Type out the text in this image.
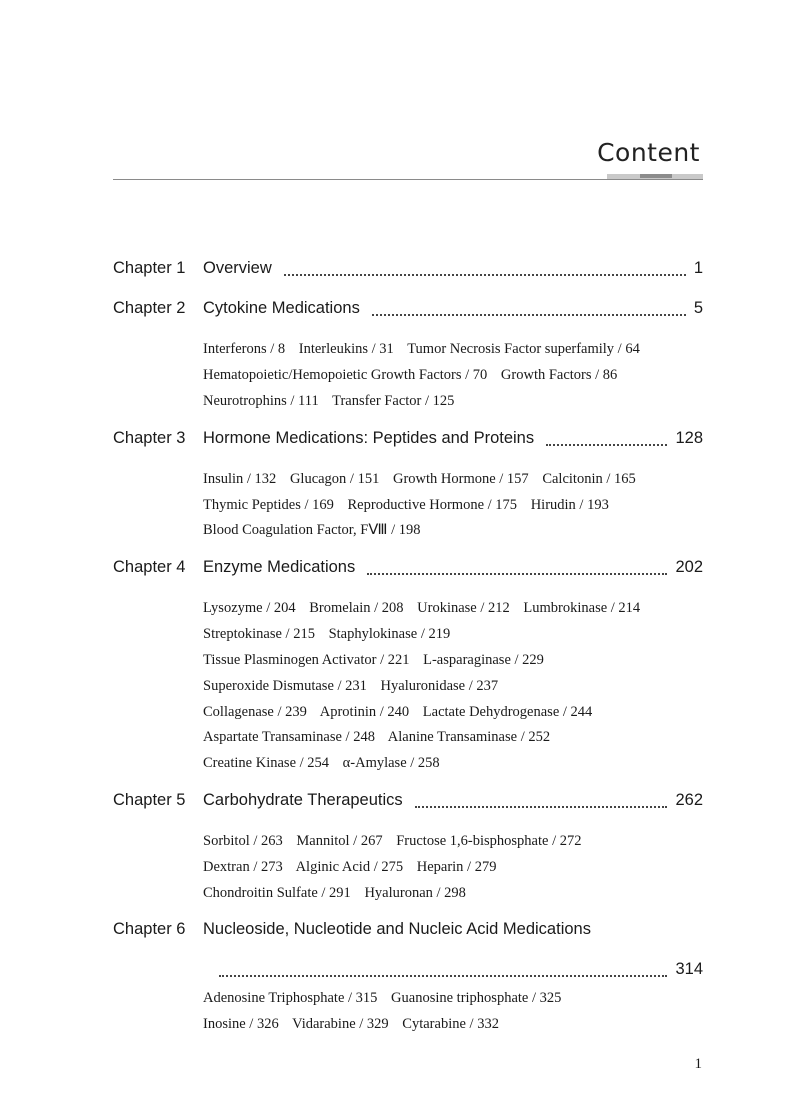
Content
Chapter 1	Overview	1
Chapter 2	Cytokine Medications	5
Interferons / 8 Interleukins / 31 Tumor Necrosis Factor superfamily / 64
Hematopoietic/Hemopoietic Growth Factors / 70 Growth Factors / 86
Neurotrophins / 111 Transfer Factor / 125
Chapter 3	Hormone Medications: Peptides and Proteins	128
Insulin / 132 Glucagon / 151 Growth Hormone / 157 Calcitonin / 165
Thymic Peptides / 169 Reproductive Hormone / 175 Hirudin / 193
Blood Coagulation Factor, FⅧ / 198
Chapter 4	Enzyme Medications	202
Lysozyme / 204 Bromelain / 208 Urokinase / 212 Lumbrokinase / 214
Streptokinase / 215 Staphylokinase / 219
Tissue Plasminogen Activator / 221 L-asparaginase / 229
Superoxide Dismutase / 231 Hyaluronidase / 237
Collagenase / 239 Aprotinin / 240 Lactate Dehydrogenase / 244
Aspartate Transaminase / 248 Alanine Transaminase / 252
Creatine Kinase / 254 α-Amylase / 258
Chapter 5	Carbohydrate Therapeutics	262
Sorbitol / 263 Mannitol / 267 Fructose 1,6-bisphosphate / 272
Dextran / 273 Alginic Acid / 275 Heparin / 279
Chondroitin Sulfate / 291 Hyaluronan / 298
Chapter 6	Nucleoside, Nucleotide and Nucleic Acid Medications
314
Adenosine Triphosphate / 315 Guanosine triphosphate / 325
Inosine / 326 Vidarabine / 329 Cytarabine / 332
1
